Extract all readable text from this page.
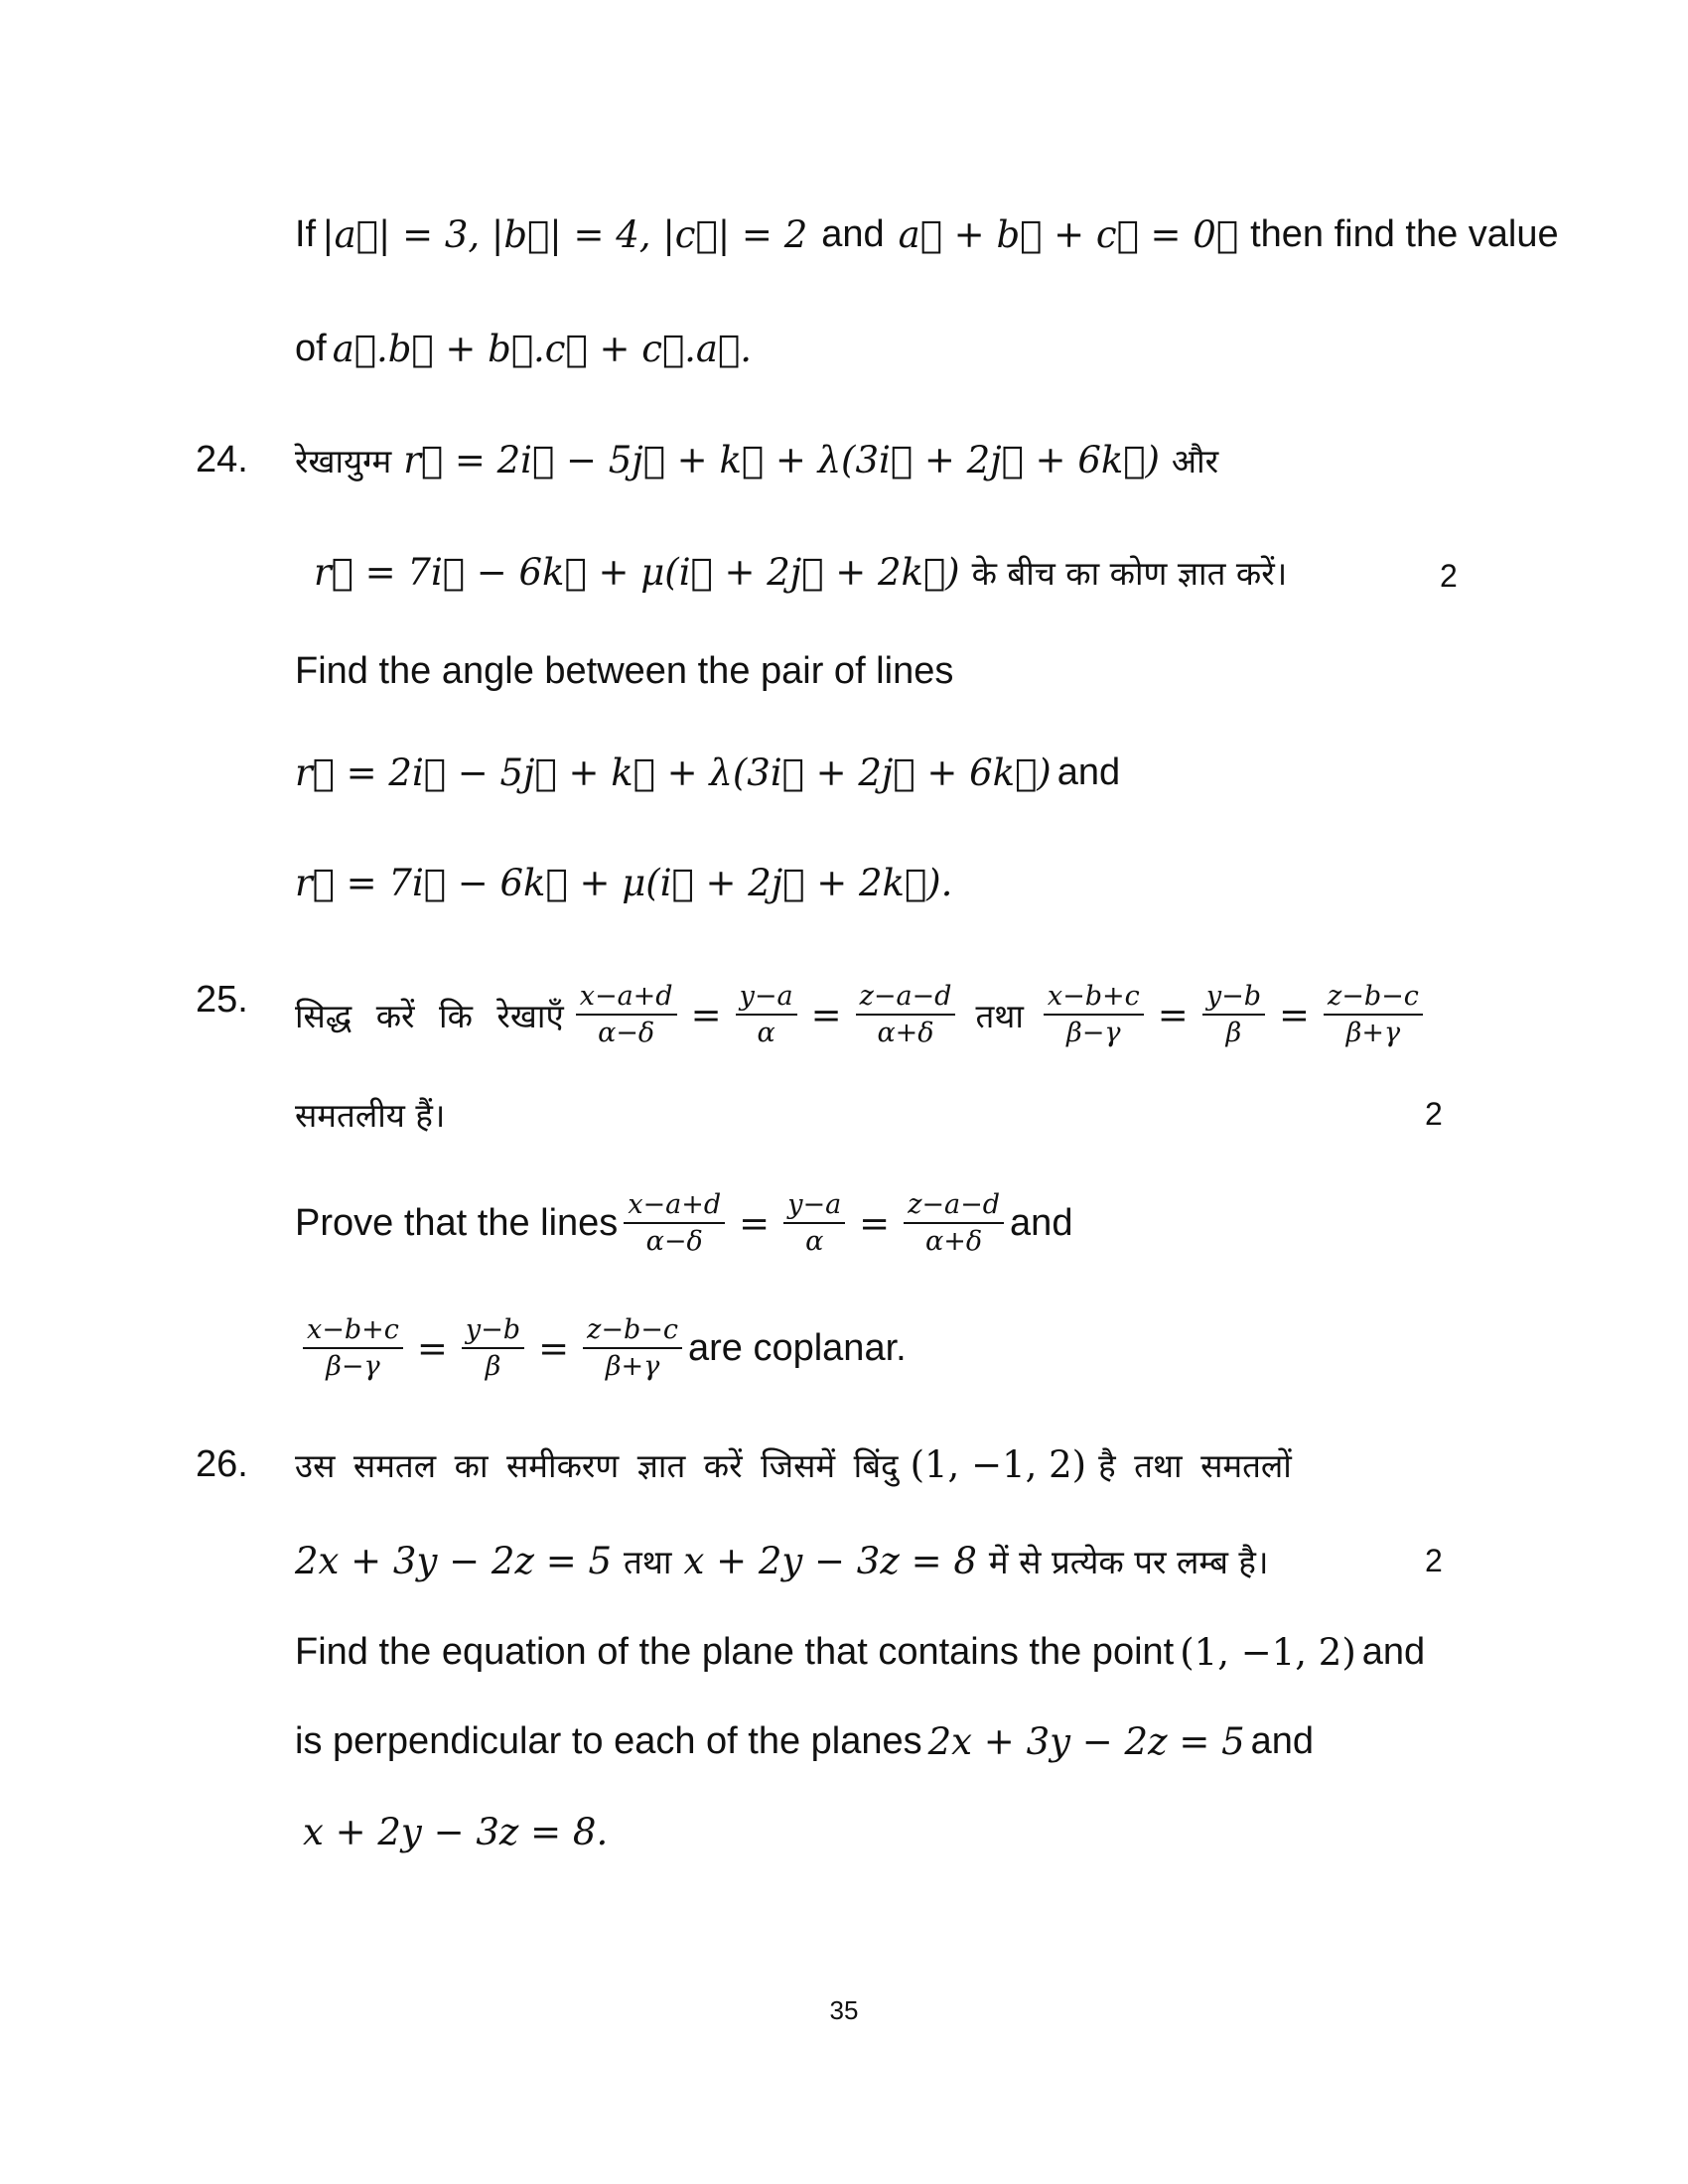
If |a⃗| = 3, |b⃗| = 4, |c⃗| = 2 and a⃗ + b⃗ + c⃗ = 0⃗ then find the value
of a⃗.b⃗ + b⃗.c⃗ + c⃗.a⃗.
24. रेखायुग्म r⃗ = 2i⃗ − 5j⃗ + k⃗ + λ(3i⃗ + 2j⃗ + 6k⃗) और
r⃗ = 7i⃗ − 6k⃗ + μ(i⃗ + 2j⃗ + 2k⃗) के बीच का कोण ज्ञात करें।	2
Find the angle between the pair of lines
r⃗ = 2i⃗ − 5j⃗ + k⃗ + λ(3i⃗ + 2j⃗ + 6k⃗) and
r⃗ = 7i⃗ − 6k⃗ + μ(i⃗ + 2j⃗ + 2k⃗).
25. सिद्ध करें कि रेखाएँ $\frac{x-a+d}{\alpha-\delta} = \frac{y-a}{\alpha} = \frac{z-a-d}{\alpha+\delta}$ तथा $\frac{x-b+c}{\beta-\gamma} = \frac{y-b}{\beta} = \frac{z-b-c}{\beta+\gamma}$
समतलीय हैं।	2
Prove that the lines $\frac{x-a+d}{\alpha-\delta} = \frac{y-a}{\alpha} = \frac{z-a-d}{\alpha+\delta}$ and
$\frac{x-b+c}{\beta-\gamma} = \frac{y-b}{\beta} = \frac{z-b-c}{\beta+\gamma}$ are coplanar.
26. उस समतल का समीकरण ज्ञात करें जिसमें बिंदु (1, −1, 2) है तथा समतलों
2x + 3y − 2z = 5 तथा x + 2y − 3z = 8 में से प्रत्येक पर लम्ब है।	2
Find the equation of the plane that contains the point (1, −1, 2) and
is perpendicular to each of the planes 2x + 3y − 2z = 5 and
x + 2y − 3z = 8.
35
